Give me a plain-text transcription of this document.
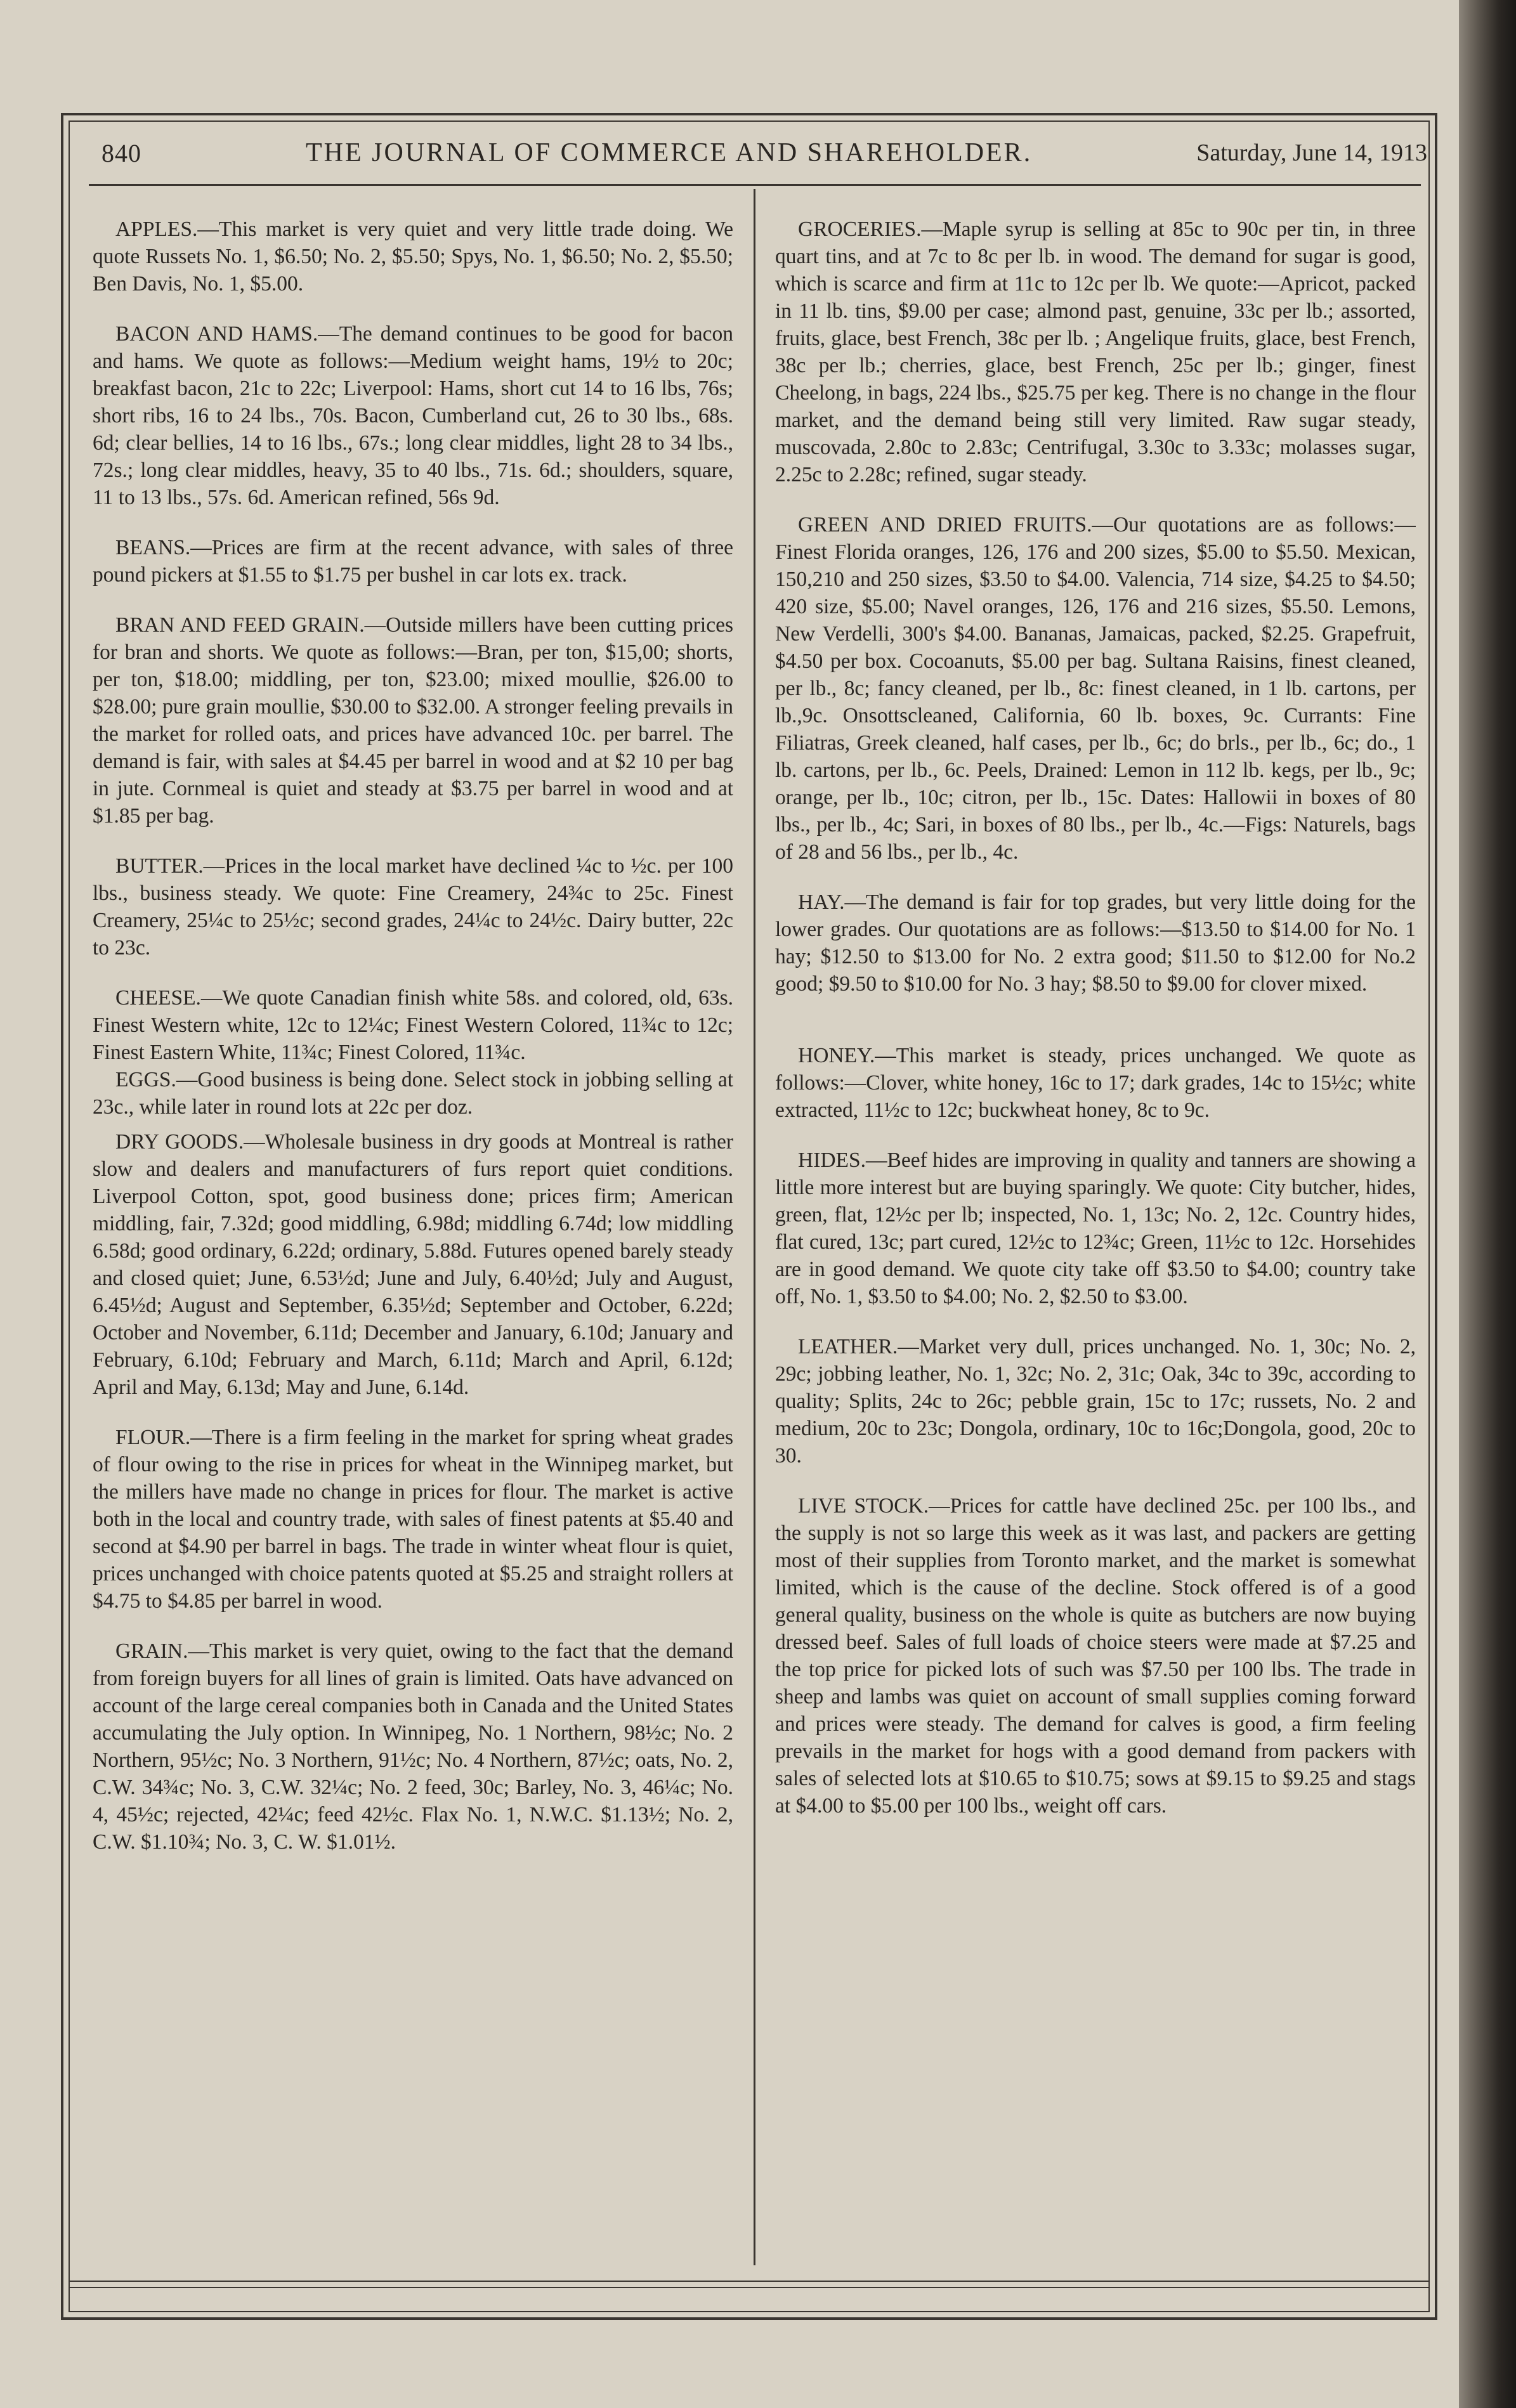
840	THE JOURNAL OF COMMERCE AND SHAREHOLDER.	Saturday, June 14, 1913

APPLES.—This market is very quiet and very little trade doing. We quote Russets No. 1, $6.50; No. 2, $5.50; Spys, No. 1, $6.50; No. 2, $5.50; Ben Davis, No. 1, $5.00.

BACON AND HAMS.—The demand continues to be good for bacon and hams. We quote as follows:—Medium weight hams, 19½ to 20c; breakfast bacon, 21c to 22c; Liverpool: Hams, short cut 14 to 16 lbs, 76s; short ribs, 16 to 24 lbs., 70s. Bacon, Cumberland cut, 26 to 30 lbs., 68s. 6d; clear bellies, 14 to 16 lbs., 67s.; long clear middles, light 28 to 34 lbs., 72s.; long clear middles, heavy, 35 to 40 lbs., 71s. 6d.; shoulders, square, 11 to 13 lbs., 57s. 6d. American refined, 56s 9d.

BEANS.—Prices are firm at the recent advance, with sales of three pound pickers at $1.55 to $1.75 per bushel in car lots ex. track.

BRAN AND FEED GRAIN.—Outside millers have been cutting prices for bran and shorts. We quote as follows:—Bran, per ton, $15,00; shorts, per ton, $18.00; middling, per ton, $23.00; mixed moullie, $26.00 to $28.00; pure grain moullie, $30.00 to $32.00. A stronger feeling prevails in the market for rolled oats, and prices have advanced 10c. per barrel. The demand is fair, with sales at $4.45 per barrel in wood and at $2 10 per bag in jute. Cornmeal is quiet and steady at $3.75 per barrel in wood and at $1.85 per bag.

BUTTER.—Prices in the local market have declined ¼c to ½c. per 100 lbs., business steady. We quote: Fine Creamery, 24¾c to 25c. Finest Creamery, 25¼c to 25½c; second grades, 24¼c to 24½c. Dairy butter, 22c to 23c.

CHEESE.—We quote Canadian finish white 58s. and colored, old, 63s. Finest Western white, 12c to 12¼c; Finest Western Colored, 11¾c to 12c; Finest Eastern White, 11¾c; Finest Colored, 11¾c.

EGGS.—Good business is being done. Select stock in jobbing selling at 23c., while later in round lots at 22c per doz.

DRY GOODS.—Wholesale business in dry goods at Montreal is rather slow and dealers and manufacturers of furs report quiet conditions. Liverpool Cotton, spot, good business done; prices firm; American middling, fair, 7.32d; good middling, 6.98d; middling 6.74d; low middling 6.58d; good ordinary, 6.22d; ordinary, 5.88d. Futures opened barely steady and closed quiet; June, 6.53½d; June and July, 6.40½d; July and August, 6.45½d; August and September, 6.35½d; September and October, 6.22d; October and November, 6.11d; December and January, 6.10d; January and February, 6.10d; February and March, 6.11d; March and April, 6.12d; April and May, 6.13d; May and June, 6.14d.

FLOUR.—There is a firm feeling in the market for spring wheat grades of flour owing to the rise in prices for wheat in the Winnipeg market, but the millers have made no change in prices for flour. The market is active both in the local and country trade, with sales of finest patents at $5.40 and second at $4.90 per barrel in bags. The trade in winter wheat flour is quiet, prices unchanged with choice patents quoted at $5.25 and straight rollers at $4.75 to $4.85 per barrel in wood.

GRAIN.—This market is very quiet, owing to the fact that the demand from foreign buyers for all lines of grain is limited. Oats have advanced on account of the large cereal companies both in Canada and the United States accumulating the July option. In Winnipeg, No. 1 Northern, 98½c; No. 2 Northern, 95½c; No. 3 Northern, 91½c; No. 4 Northern, 87½c; oats, No. 2, C.W. 34¾c; No. 3, C.W. 32¼c; No. 2 feed, 30c; Barley, No. 3, 46¼c; No. 4, 45½c; rejected, 42¼c; feed 42½c. Flax No. 1, N.W.C. $1.13½; No. 2, C.W. $1.10¾; No. 3, C. W. $1.01½.

GROCERIES.—Maple syrup is selling at 85c to 90c per tin, in three quart tins, and at 7c to 8c per lb. in wood. The demand for sugar is good, which is scarce and firm at 11c to 12c per lb. We quote:—Apricot, packed in 11 lb. tins, $9.00 per case; almond past, genuine, 33c per lb.; assorted, fruits, glace, best French, 38c per lb. ; Angelique fruits, glace, best French, 38c per lb.; cherries, glace, best French, 25c per lb.; ginger, finest Cheelong, in bags, 224 lbs., $25.75 per keg. There is no change in the flour market, and the demand being still very limited. Raw sugar steady, muscovada, 2.80c to 2.83c; Centrifugal, 3.30c to 3.33c; molasses sugar, 2.25c to 2.28c; refined, sugar steady.

GREEN AND DRIED FRUITS.—Our quotations are as follows:—Finest Florida oranges, 126, 176 and 200 sizes, $5.00 to $5.50. Mexican, 150,210 and 250 sizes, $3.50 to $4.00. Valencia, 714 size, $4.25 to $4.50; 420 size, $5.00; Navel oranges, 126, 176 and 216 sizes, $5.50. Lemons, New Verdelli, 300's $4.00. Bananas, Jamaicas, packed, $2.25. Grapefruit, $4.50 per box. Cocoanuts, $5.00 per bag. Sultana Raisins, finest cleaned, per lb., 8c; fancy cleaned, per lb., 8c: finest cleaned, in 1 lb. cartons, per lb.,9c. Onsottscleaned, California, 60 lb. boxes, 9c. Currants: Fine Filiatras, Greek cleaned, half cases, per lb., 6c; do brls., per lb., 6c; do., 1 lb. cartons, per lb., 6c. Peels, Drained: Lemon in 112 lb. kegs, per lb., 9c; orange, per lb., 10c; citron, per lb., 15c. Dates: Hallowii in boxes of 80 lbs., per lb., 4c; Sari, in boxes of 80 lbs., per lb., 4c.—Figs: Naturels, bags of 28 and 56 lbs., per lb., 4c.

HAY.—The demand is fair for top grades, but very little doing for the lower grades. Our quotations are as follows:—$13.50 to $14.00 for No. 1 hay; $12.50 to $13.00 for No. 2 extra good; $11.50 to $12.00 for No.2 good; $9.50 to $10.00 for No. 3 hay; $8.50 to $9.00 for clover mixed.

HONEY.—This market is steady, prices unchanged. We quote as follows:—Clover, white honey, 16c to 17; dark grades, 14c to 15½c; white extracted, 11½c to 12c; buckwheat honey, 8c to 9c.

HIDES.—Beef hides are improving in quality and tanners are showing a little more interest but are buying sparingly. We quote: City butcher, hides, green, flat, 12½c per lb; inspected, No. 1, 13c; No. 2, 12c. Country hides, flat cured, 13c; part cured, 12½c to 12¾c; Green, 11½c to 12c. Horsehides are in good demand. We quote city take off $3.50 to $4.00; country take off, No. 1, $3.50 to $4.00; No. 2, $2.50 to $3.00.

LEATHER.—Market very dull, prices unchanged. No. 1, 30c; No. 2, 29c; jobbing leather, No. 1, 32c; No. 2, 31c; Oak, 34c to 39c, according to quality; Splits, 24c to 26c; pebble grain, 15c to 17c; russets, No. 2 and medium, 20c to 23c; Dongola, ordinary, 10c to 16c;Dongola, good, 20c to 30.

LIVE STOCK.—Prices for cattle have declined 25c. per 100 lbs., and the supply is not so large this week as it was last, and packers are getting most of their supplies from Toronto market, and the market is somewhat limited, which is the cause of the decline. Stock offered is of a good general quality, business on the whole is quite as butchers are now buying dressed beef. Sales of full loads of choice steers were made at $7.25 and the top price for picked lots of such was $7.50 per 100 lbs. The trade in sheep and lambs was quiet on account of small supplies coming forward and prices were steady. The demand for calves is good, a firm feeling prevails in the market for hogs with a good demand from packers with sales of selected lots at $10.65 to $10.75; sows at $9.15 to $9.25 and stags at $4.00 to $5.00 per 100 lbs., weight off cars.
